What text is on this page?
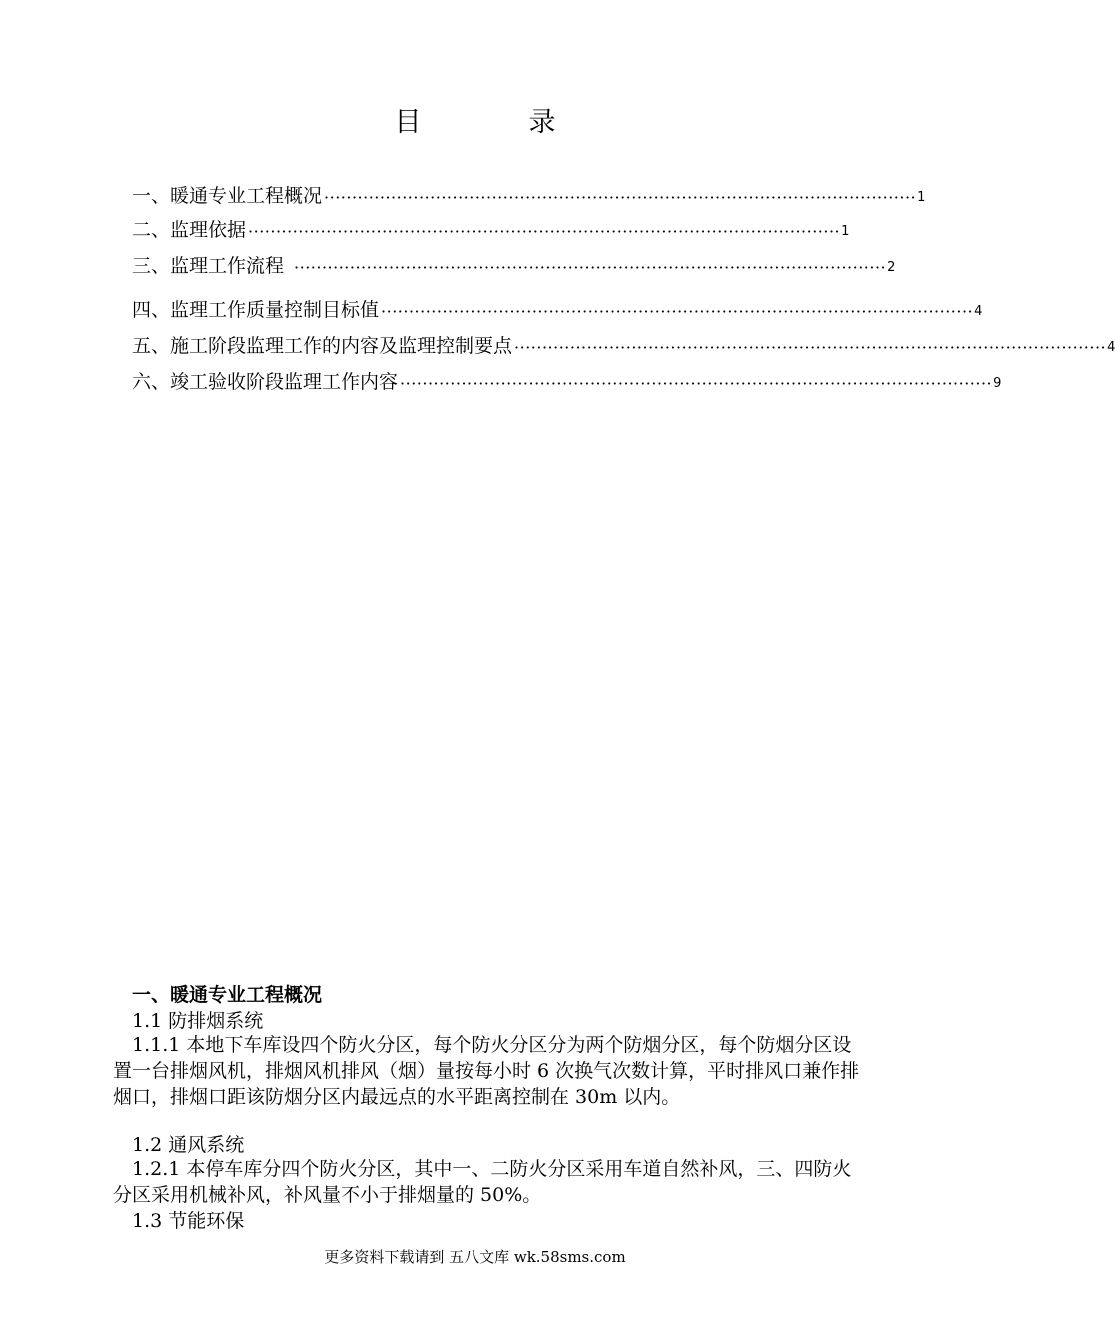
目　录
一、暖通专业工程概况 ·········································································································· 1
二、监理依据 ·········································································································· 1
三、监理工作流程 ·········································································································· 2
四、监理工作质量控制目标值 ·········································································································· 4
五、施工阶段监理工作的内容及监理控制要点 ·········································································································· 4
六、竣工验收阶段监理工作内容 ·········································································································· 9
一、暖通专业工程概况
1.1 防排烟系统
1.1.1 本地下车库设四个防火分区，每个防火分区分为两个防烟分区，每个防烟分区设置一台排烟风机，排烟风机排风（烟）量按每小时 6 次换气次数计算，平时排风口兼作排烟口，排烟口距该防烟分区内最远点的水平距离控制在 30m 以内。
1.2 通风系统
1.2.1 本停车库分四个防火分区，其中一、二防火分区采用车道自然补风，三、四防火分区采用机械补风，补风量不小于排烟量的 50%。
1.3 节能环保
更多资料下载请到 五八文库 wk.58sms.com
